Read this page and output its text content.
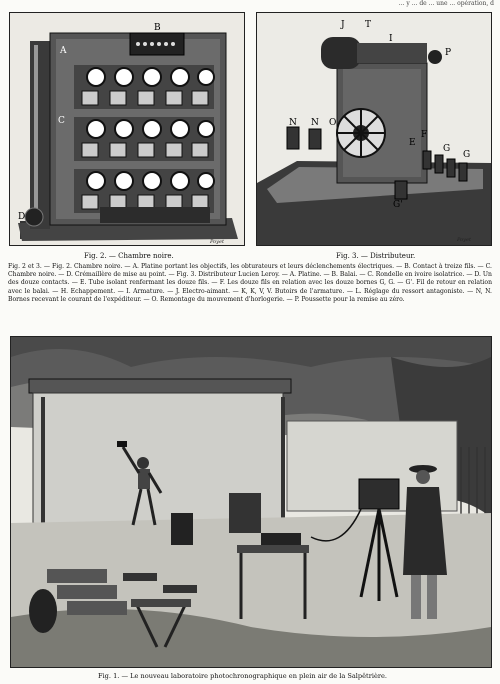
... y ... de ... une ... opération, d
A
B
C
D
Poyet
Fig. 2. — Chambre noire.
J T
I
P
N N O
E
F
G
G
G'
Poyet
Fig. 3. — Distributeur.

Fig. 2 et 3. — Fig. 2. Chambre noire. — A. Platine portant les objectifs, les obturateurs et leurs déclenchements électriques. — B. Contact à treize fils. — C. Chambre noire. — D. Crémaillère de mise au point. — Fig. 3. Distributeur Lucien Leroy. — A. Platine. — B. Balai. — C. Rondelle en ivoire isolatrice. — D. Un des douze contacts. — E. Tube isolant renfermant les douze fils. — F. Les douze fils en relation avec les douze bornes G, G. — G'. Fil de retour en relation avec le balai. — H. Echappement. — I. Armature. — J. Electro-aimant. — K, K, V, V. Butoirs de l'armature. — L. Réglage du ressort antagoniste. — N, N. Bornes recevant le courant de l'expéditeur. — O. Remontage du mouvement d'horlogerie. — P. Poussette pour la remise au zéro.

Fig. 1. — Le nouveau laboratoire photochronographique en plein air de la Salpêtrière.
